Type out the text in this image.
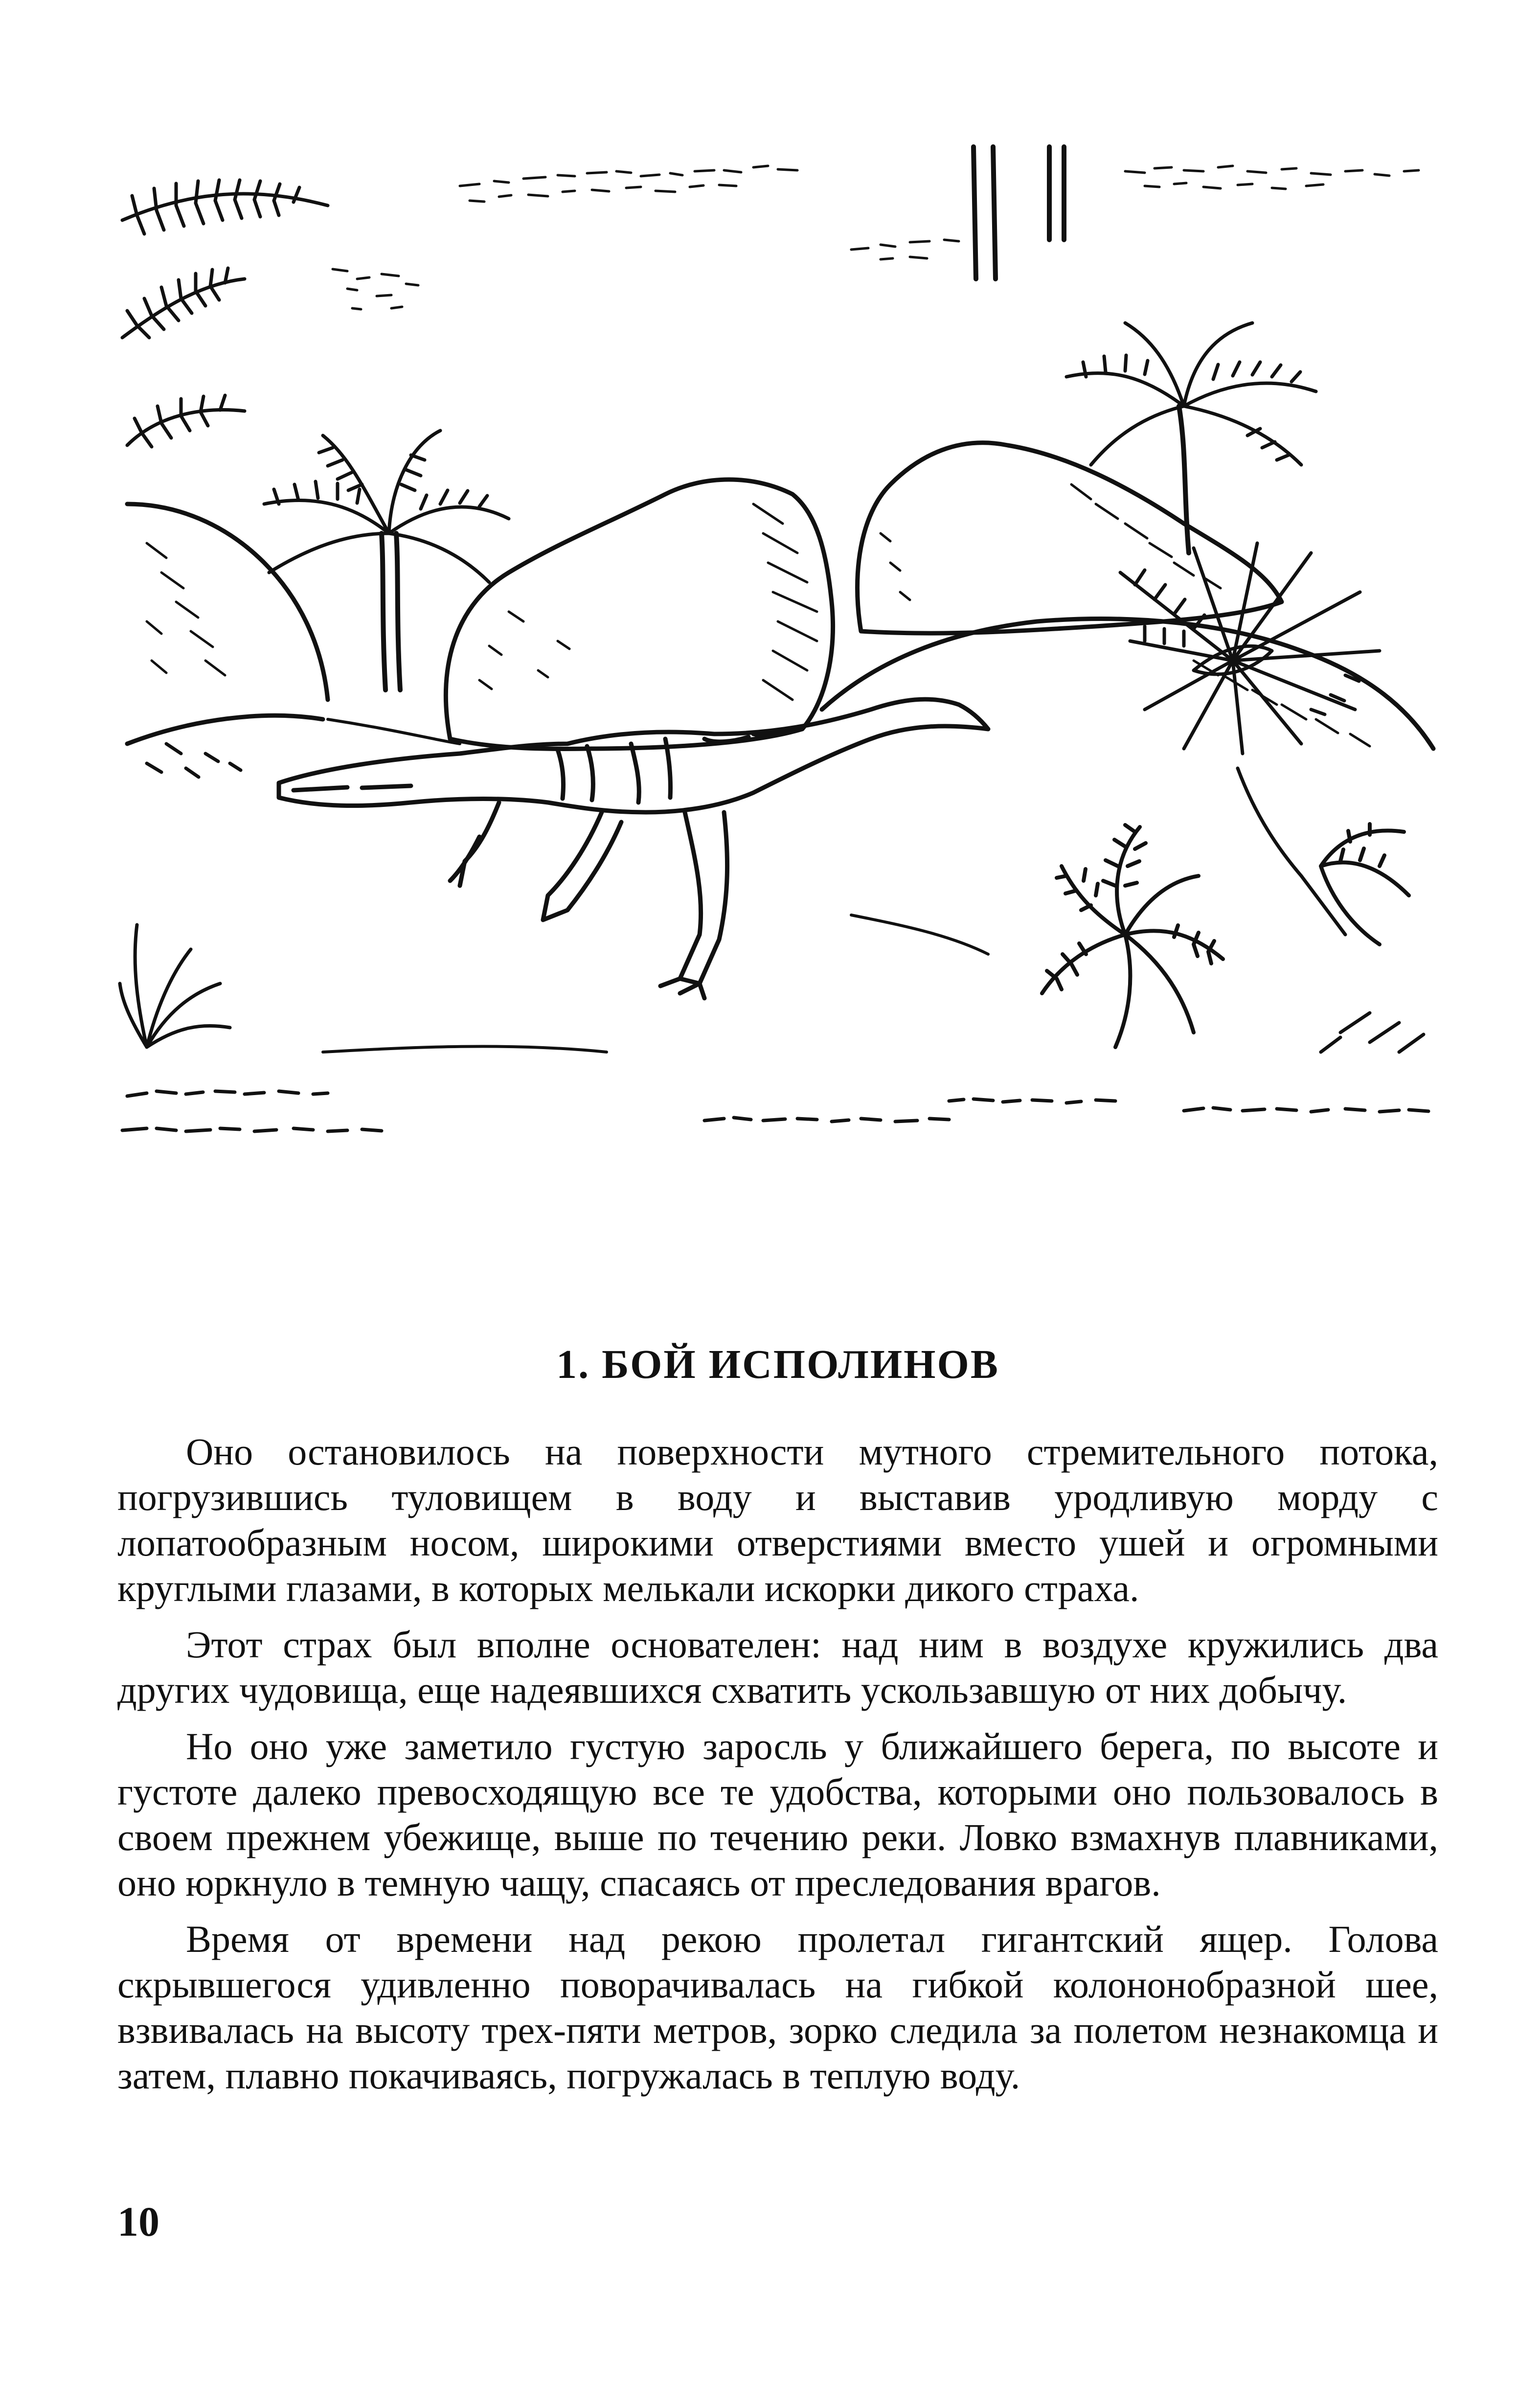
1. БОЙ ИСПОЛИНОВ

Оно остановилось на поверхности мутного стремительного потока, погрузившись туловищем в воду и выставив уродливую морду с лопатообразным носом, широкими отверстиями вместо ушей и огромными круглыми глазами, в которых мелькали искорки дикого страха.

Этот страх был вполне основателен: над ним в воздухе кружились два других чудовища, еще надеявшихся схватить ускользавшую от них добычу.

Но оно уже заметило густую заросль у ближайшего берега, по высоте и густоте далеко превосходящую все те удобства, которыми оно пользовалось в своем прежнем убежище, выше по течению реки. Ловко взмахнув плавниками, оно юркнуло в темную чащу, спасаясь от преследования врагов.

Время от времени над рекою пролетал гигантский ящер. Голова скрывшегося удивленно поворачивалась на гибкой колононобразной шее, взвивалась на высоту трех-пяти метров, зорко следила за полетом незнакомца и затем, плавно покачиваясь, погружалась в теплую воду.

10
